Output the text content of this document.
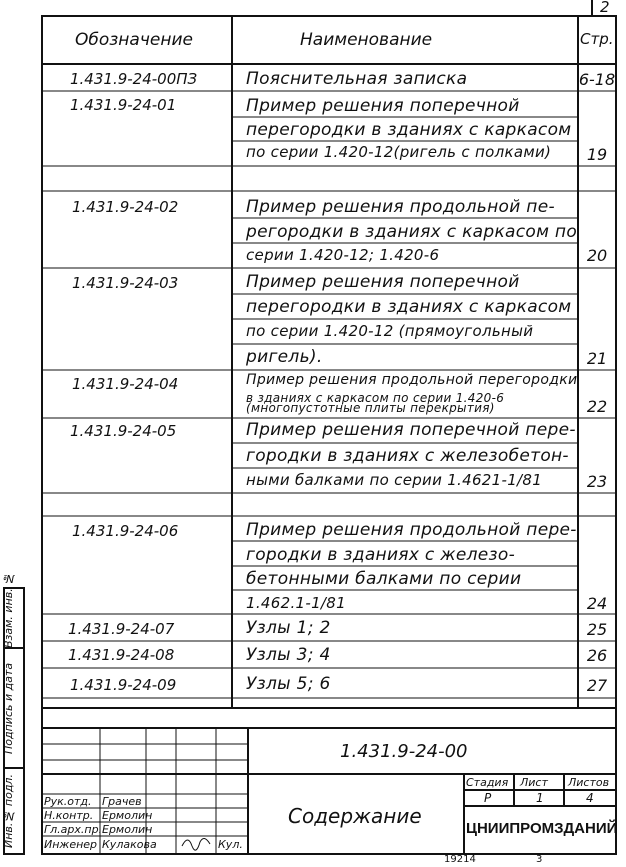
2
Обозначение	Наименование	Стр.
1.431.9-24-00ПЗ	Пояснительная записка	6-18
1.431.9-24-01	Пример решения поперечной
перегородки в зданиях с каркасом
по серии 1.420-12(ригель с полками)	19
1.431.9-24-02	Пример решения продольной пе-
регородки в зданиях с каркасом по
серии 1.420-12; 1.420-6	20
1.431.9-24-03	Пример решения поперечной
перегородки в зданиях с каркасом
по серии 1.420-12 (прямоугольный
ригель).	21
1.431.9-24-04	Пример решения продольной перегородки
в зданиях с каркасом по серии 1.420-6
(многопустотные плиты перекрытия)	22
1.431.9-24-05	Пример решения поперечной пере-
городки в зданиях с железобетон-
ными балками по серии 1.4621-1/81	23
1.431.9-24-06	Пример решения продольной пере-
городки в зданиях с железо-
бетонными балками по серии
1.462.1-1/81	24
1.431.9-24-07	Узлы 1; 2	25
1.431.9-24-08	Узлы 3; 4	26
1.431.9-24-09	Узлы 5; 6	27
Взам. инв. №
Подпись и дата
Инв.№ подл.
1.431.9-24-00
Содержание
Стадия Лист Листов
Р	1	4
ЦНИИПРОМЗДАНИЙ
Рук.отд. Грачев
Н.контр. Ермолин
Гл.арх.пр. Ермолин
Инженер Кулакова	Кул.
19214	3
